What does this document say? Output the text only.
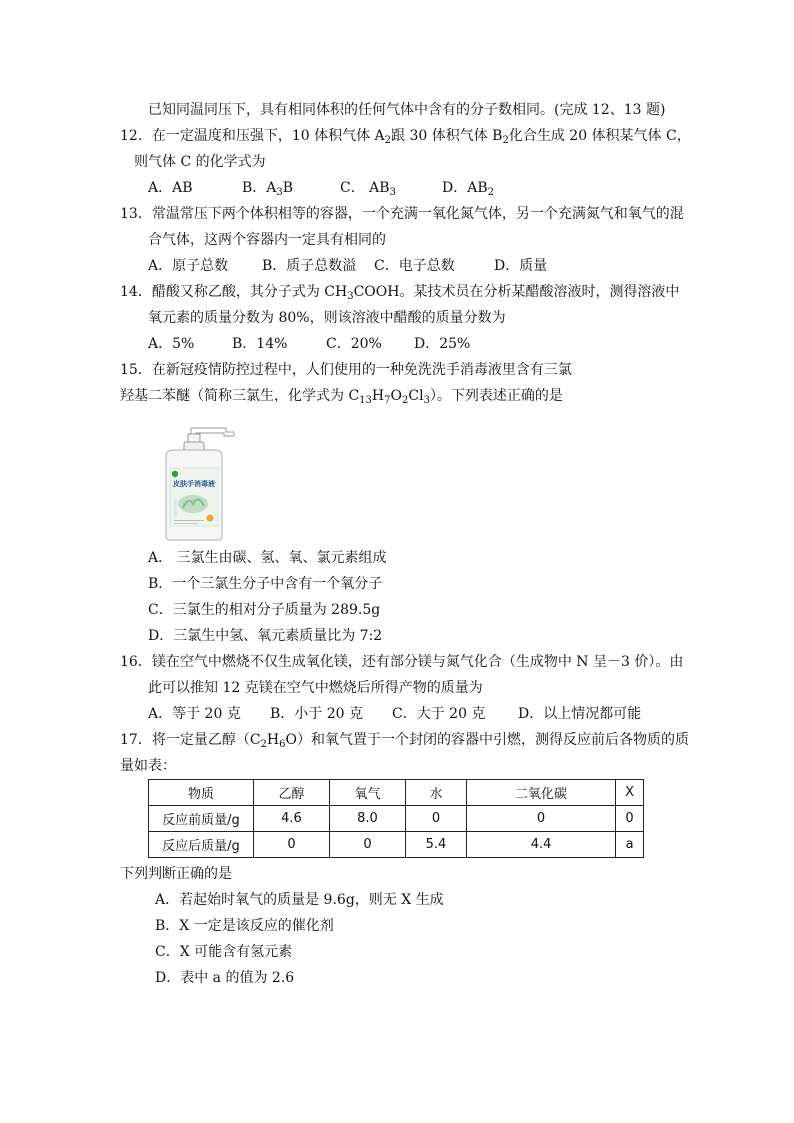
已知同温同压下，具有相同体积的任何气体中含有的分子数相同。(完成 12、13 题)
12．在一定温度和压强下，10 体积气体 $A_2$跟 30 体积气体 $B_2$化合生成 20 体积某气体 C，
则气体 C 的化学式为
A．AB	B．$A_3B$	C． $AB_3$	D．$AB_2$
13．常温常压下两个体积相等的容器，一个充满一氧化氮气体，另一个充满氮气和氧气的混
合气体，这两个容器内一定具有相同的
A．原子总数 B．质子总数溢 C．电子总数	D．质量
14．醋酸又称乙酸，其分子式为 $CH_3COOH$。某技术员在分析某醋酸溶液时，测得溶液中
氧元素的质量分数为 80%，则该溶液中醋酸的质量分数为
A．5%	B．14%	C．20% D．25%
15．在新冠疫情防控过程中，人们使用的一种免洗洗手消毒液里含有三氯
羟基二苯醚（简称三氯生，化学式为 $C_{13}H_7O_2Cl_3$）。下列表述正确的是
皮肤手消毒液
A． 三氯生由碳、氢、氧、氯元素组成
B．一个三氯生分子中含有一个氧分子
C．三氯生的相对分子质量为 289.5g
D．三氯生中氢、氧元素质量比为 7:2
16．镁在空气中燃烧不仅生成氧化镁，还有部分镁与氮气化合（生成物中 N 呈－3 价）。由
此可以推知 12 克镁在空气中燃烧后所得产物的质量为
A．等于 20 克 B．小于 20 克 C．大于 20 克 D．以上情况都可能
17．将一定量乙醇$(C_2H_6O)$和氧气置于一个封闭的容器中引燃，测得反应前后各物质的质
量如表：
物质	乙醇	氧气	水	二氧化碳	X
反应前质量/g	4.6	8.0	0	0	0
反应后质量/g	0	0	5.4	4.4	a
下列判断正确的是
A．若起始时氧气的质量是 9.6g，则无 X 生成
B．X 一定是该反应的催化剂
C．X 可能含有氢元素
D．表中 a 的值为 2.6
